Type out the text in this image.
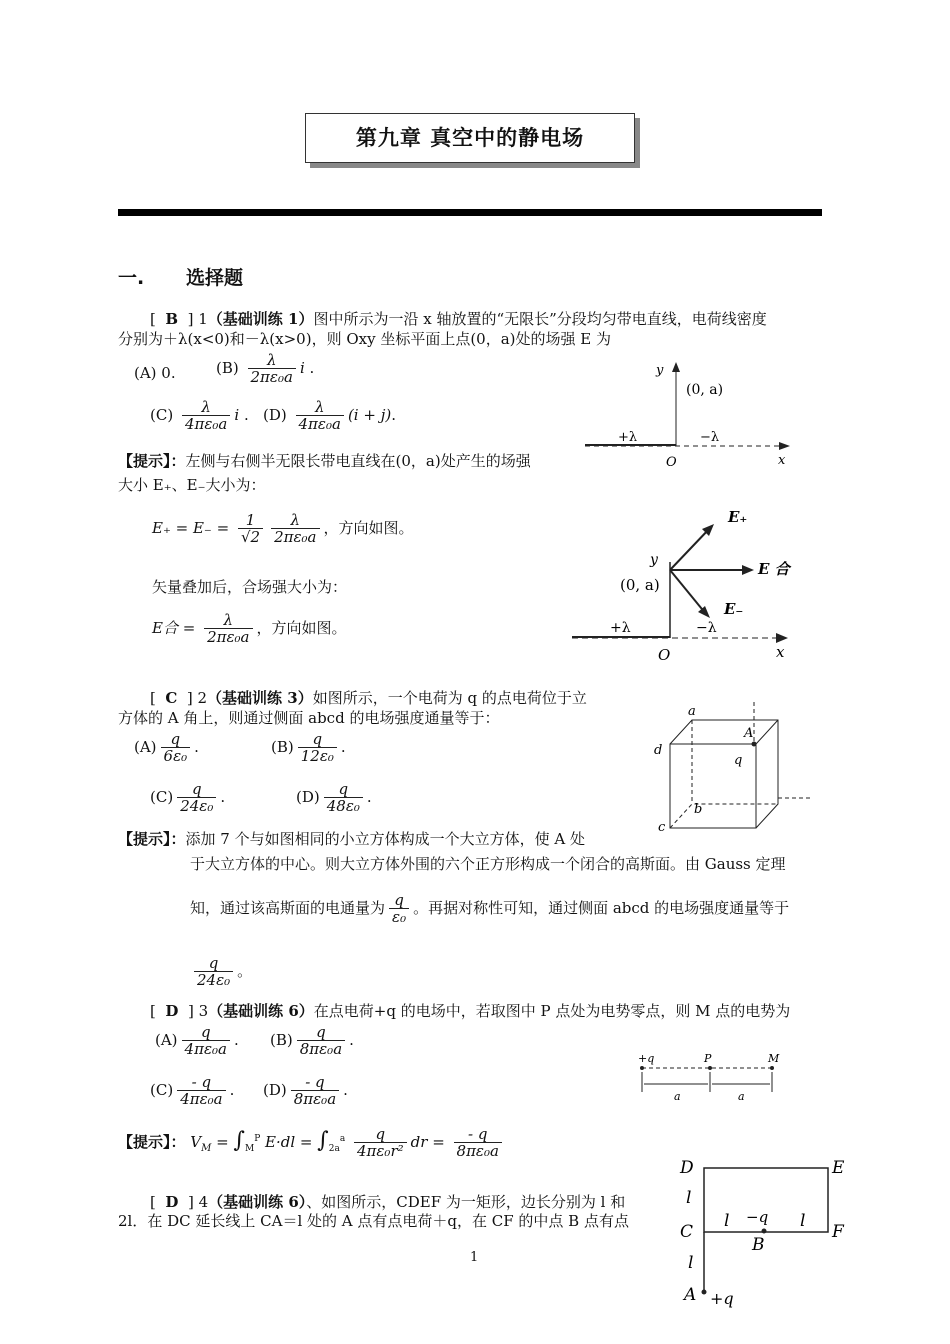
第九章 真空中的静电场
一. 选择题
[  B  ] 1（基础训练 1）图中所示为一沿 x 轴放置的“无限长”分段均匀带电直线，电荷线密度
分别为＋λ(x<0)和－λ(x>0)，则 Oxy 坐标平面上点(0，a)处的场强 E 为
(A) 0.	$(B) \frac{\lambda}{\text{2πε₀a}}$ i .
$(C) \frac{\lambda}{\text{4πε₀a}}$ i . $(D) \frac{\lambda}{\text{4πε₀a}} (i + j)$.
【提示】：左侧与右侧半无限长带电直线在(0，a)处产生的场强
大小 E₊、E₋大小为：
$E_+ = E_- = \frac{1}{√2} \frac{\lambda}{\text{2πε₀a}}$ ，方向如图。
矢量叠加后，合场强大小为：
E合 = $\frac{\lambda}{\text{2πε₀a}}$ ，方向如图。
y
(0, a)
+λ	−λ
O	x
E₊
E 合
E₋
y
(0, a)
+λ	−λ
O	x
[  C  ] 2（基础训练 3）如图所示，一个电荷为 q 的点电荷位于立
方体的 A 角上，则通过侧面 abcd 的电场强度通量等于：
$(A) \frac{q}{\text{6ε₀}}$ .	$(B) \frac{q}{\text{12ε₀}}$ .
$(C) \frac{q}{\text{24ε₀}}$ .	$(D) \frac{q}{\text{48ε₀}}$ .
【提示】：添加 7 个与如图相同的小立方体构成一个大立方体，使 A 处
于大立方体的中心。则大立方体外围的六个正方形构成一个闭合的高斯面。由 Gauss 定理
知，通过该高斯面的电通量为 $\frac{q}{\text{ε₀}}$ 。再据对称性可知，通过侧面 abcd 的电场强度通量等于
$\frac{q}{\text{24ε₀}}$ 。
a
A
d
q
b
c
[  D  ] 3（基础训练 6）在点电荷+q 的电场中，若取图中 P 点处为电势零点，则 M 点的电势为
$(A) \frac{q}{\text{4πε₀a}}$ . $(B) \frac{q}{\text{8πε₀a}}$ .
$(C) \frac{- q}{\text{4πε₀a}}$ . $(D) \frac{- q}{\text{8πε₀a}}$ .
【提示】： $V_M = \int_M^P$ $E\cdot dl = \int_{2a}^a \frac{q}{\text{4πε₀r²}}$ dr = $\frac{- q}{\text{8πε₀a}}$
+q	P	M
a	a
[  D  ] 4（基础训练 6）、如图所示，CDEF 为一矩形，边长分别为 l 和
2l．在 DC 延长线上 CA＝l 处的 A 点有点电荷＋q，在 CF 的中点 B 点有点
D	E
l
C
l −q l
F
B
l
A +q
1
